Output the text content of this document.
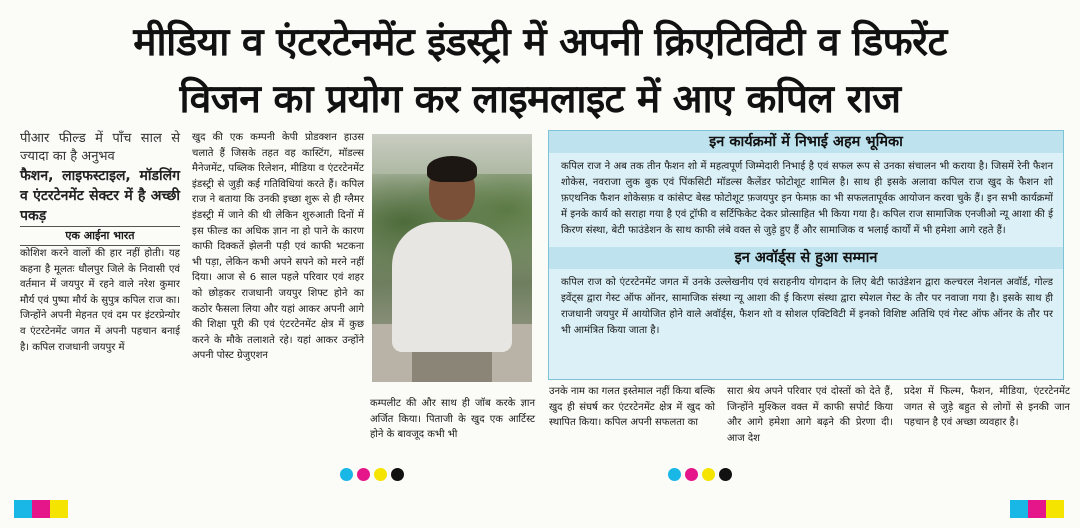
मीडिया व एंटरटेनमेंट इंडस्ट्री में अपनी क्रिएटिविटी व डिफरेंट
विजन का प्रयोग कर लाइमलाइट में आए कपिल राज

पीआर फील्ड में पाँच साल से ज्यादा का है अनुभव

फैशन, लाइफस्टाइल, मॉडलिंग व एंटरटेनमेंट सेक्टर में है अच्छी पकड़

एक आईना भारत

कोशिश करने वालों की हार नहीं होती। यह कहना है मूलतः धौलपुर जिले के निवासी एवं वर्तमान में जयपुर में रहने वाले नरेश कुमार मौर्य एवं पुष्पा मौर्य के सुपुत्र कपिल राज का। जिन्होंने अपनी मेहनत एवं दम पर इंटरप्रेन्योर व एंटरटेनमेंट जगत में अपनी पहचान बनाई है। कपिल राजधानी जयपुर में

खुद की एक कम्पनी केपी प्रोडक्शन हाउस चलाते हैं जिसके तहत वह कास्टिंग, मॉडल्स मैनेजमेंट, पब्लिक रिलेशन, मीडिया व एंटरटेनमेंट इंडस्ट्री से जुड़ी कई गतिविधियां करते हैं। कपिल राज ने बताया कि उनकी इच्छा शुरू से ही ग्लैमर इंडस्ट्री में जाने की थी लेकिन शुरुआती दिनों में इस फील्ड का अधिक ज्ञान ना हो पाने के कारण काफी दिक्कतें झेलनी पड़ी एवं काफी भटकना भी पड़ा, लेकिन कभी अपने सपने को मरने नहीं दिया। आज से 6 साल पहले परिवार एवं शहर को छोड़कर राजधानी जयपुर शिफ्ट होने का कठोर फैसला लिया और यहां आकर अपनी आगे की शिक्षा पूरी की एवं एंटरटेनमेंट क्षेत्र में कुछ करने के मौके तलाशते रहे। यहां आकर उन्होंने अपनी पोस्ट ग्रेजुएशन

कम्पलीट की और साथ ही जॉब करके ज्ञान अर्जित किया। पिताजी के खुद एक आर्टिस्ट होने के बावजूद कभी भी

इन कार्यक्रमों में निभाई अहम भूमिका

कपिल राज ने अब तक तीन फैशन शो में महत्वपूर्ण जिम्मेदारी निभाई है एवं सफल रूप से उनका संचालन भी कराया है। जिसमें रेनी फैशन शोकेस, नवराजा लुक बुक एवं पिंकसिटी मॉडल्स कैलेंडर फोटोशूट शामिल है। साथ ही इसके अलावा कपिल राज खुद के फैशन शो फ़एथनिक फैशन शोकेसफ़ व कांसेप्ट बेस्ड फोटोशूट फ़जयपुर इन फेमफ़ का भी सफलतापूर्वक आयोजन करवा चुके हैं। इन सभी कार्यक्रमों में इनके कार्य को सराहा गया है एवं ट्रॉफी व सर्टिफिकेट देकर प्रोत्साहित भी किया गया है। कपिल राज सामाजिक एनजीओ न्यू आशा की ई किरण संस्था, बेटी फाउंडेशन के साथ काफी लंबे वक्त से जुड़े हुए हैं और सामाजिक व भलाई कार्यों में भी हमेशा आगे रहते हैं।

इन अवॉर्ड्स से हुआ सम्मान

कपिल राज को एंटरटेनमेंट जगत में उनके उल्लेखनीय एवं सराहनीय योगदान के लिए बेटी फाउंडेशन द्वारा कल्चरल नेशनल अवॉर्ड, गोल्ड इवेंट्स द्वारा गेस्ट ऑफ ऑनर, सामाजिक संस्था न्यू आशा की ई किरण संस्था द्वारा स्पेशल गेस्ट के तौर पर नवाजा गया है। इसके साथ ही राजधानी जयपुर में आयोजित होने वाले अवॉर्ड्स, फैशन शो व सोशल एक्टिविटी में इनको विशिष्ट अतिथि एवं गेस्ट ऑफ ऑनर के तौर पर भी आमंत्रित किया जाता है।

उनके नाम का गलत इस्तेमाल नहीं किया बल्कि खुद ही संघर्ष कर एंटरटेनमेंट क्षेत्र में खुद को स्थापित किया। कपिल अपनी सफलता का

सारा श्रेय अपने परिवार एवं दोस्तों को देते हैं, जिन्होंने मुश्किल वक्त में काफी सपोर्ट किया और आगे हमेशा आगे बढ़ने की प्रेरणा दी। आज देश

प्रदेश में फिल्म, फैशन, मीडिया, एंटरटेनमेंट जगत से जुड़े बहुत से लोगों से इनकी जान पहचान है एवं अच्छा व्यवहार है।
